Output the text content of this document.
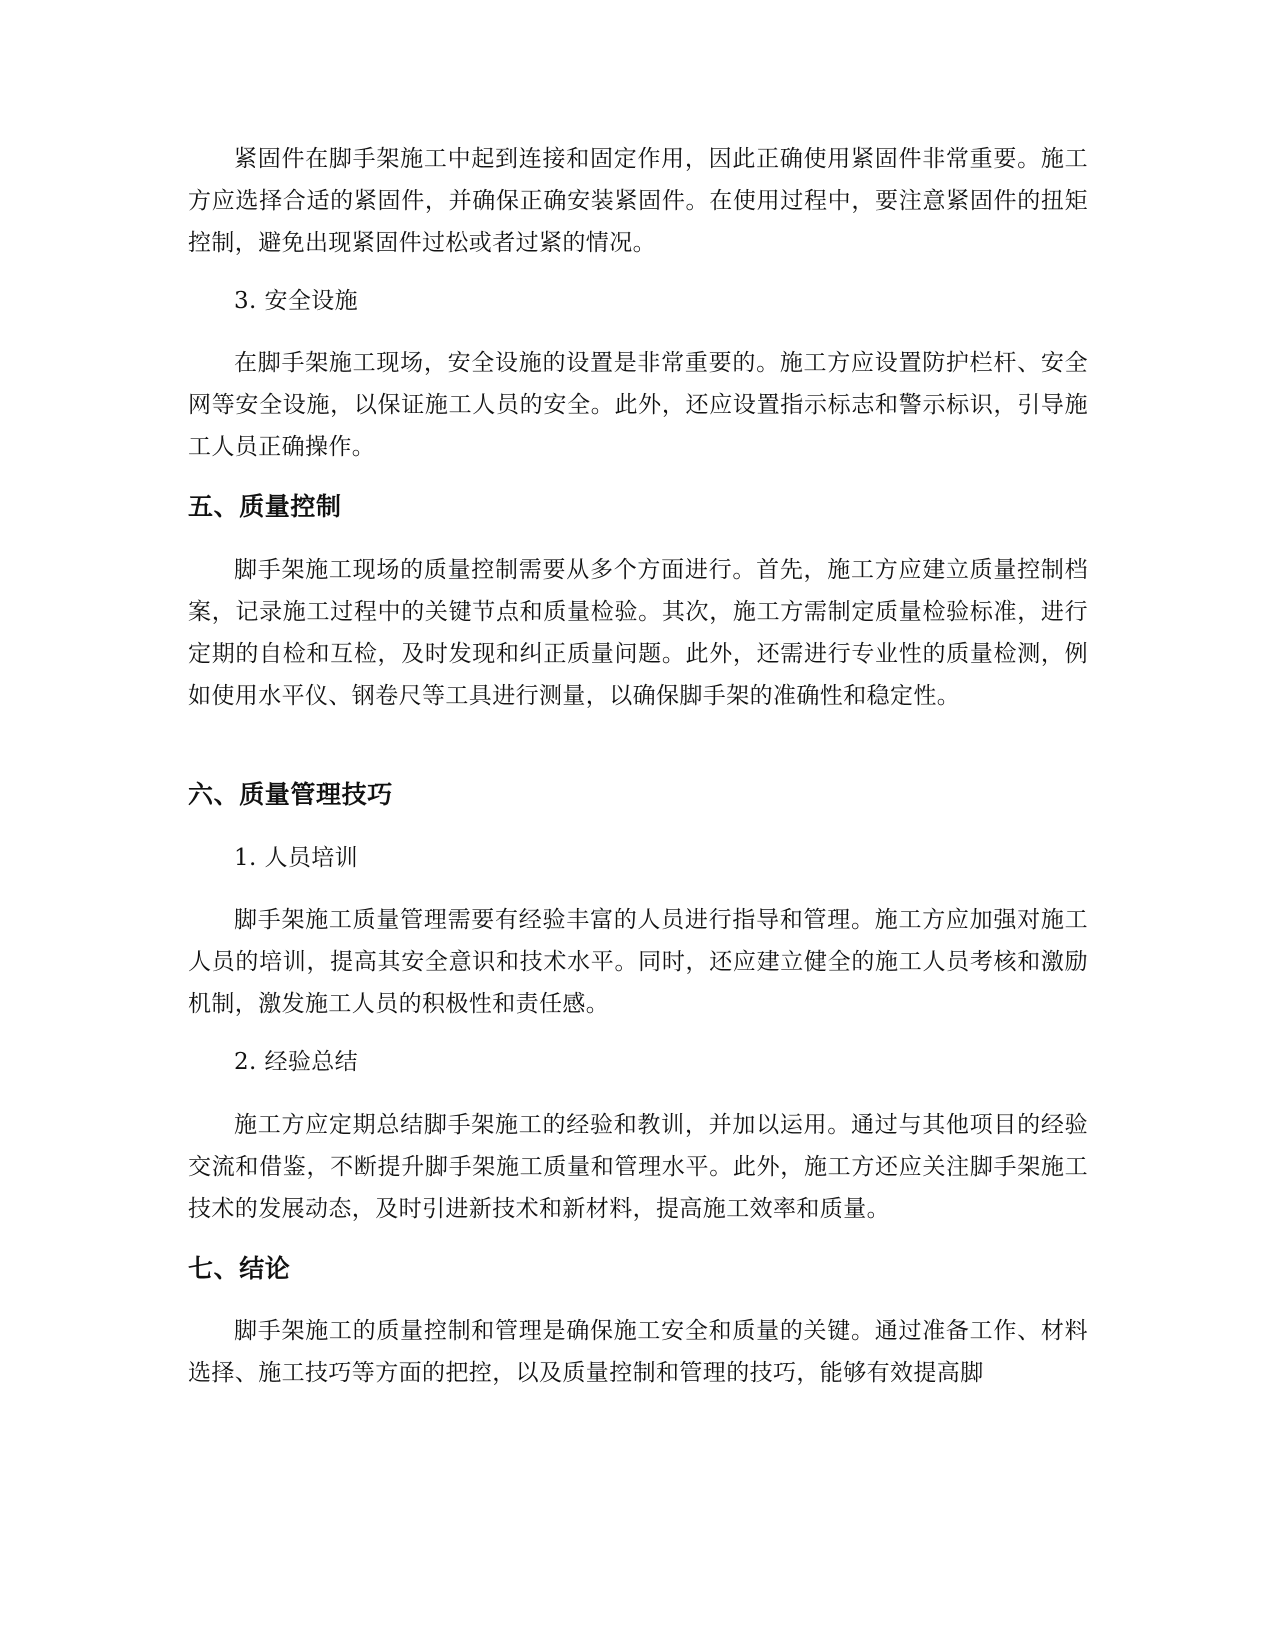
紧固件在脚手架施工中起到连接和固定作用，因此正确使用紧固件非常重要。施工方应选择合适的紧固件，并确保正确安装紧固件。在使用过程中，要注意紧固件的扭矩控制，避免出现紧固件过松或者过紧的情况。

3. 安全设施

在脚手架施工现场，安全设施的设置是非常重要的。施工方应设置防护栏杆、安全网等安全设施，以保证施工人员的安全。此外，还应设置指示标志和警示标识，引导施工人员正确操作。

五、质量控制

脚手架施工现场的质量控制需要从多个方面进行。首先，施工方应建立质量控制档案，记录施工过程中的关键节点和质量检验。其次，施工方需制定质量检验标准，进行定期的自检和互检，及时发现和纠正质量问题。此外，还需进行专业性的质量检测，例如使用水平仪、钢卷尺等工具进行测量，以确保脚手架的准确性和稳定性。

六、质量管理技巧

1. 人员培训

脚手架施工质量管理需要有经验丰富的人员进行指导和管理。施工方应加强对施工人员的培训，提高其安全意识和技术水平。同时，还应建立健全的施工人员考核和激励机制，激发施工人员的积极性和责任感。

2. 经验总结

施工方应定期总结脚手架施工的经验和教训，并加以运用。通过与其他项目的经验交流和借鉴，不断提升脚手架施工质量和管理水平。此外，施工方还应关注脚手架施工技术的发展动态，及时引进新技术和新材料，提高施工效率和质量。

七、结论

脚手架施工的质量控制和管理是确保施工安全和质量的关键。通过准备工作、材料选择、施工技巧等方面的把控，以及质量控制和管理的技巧，能够有效提高脚
